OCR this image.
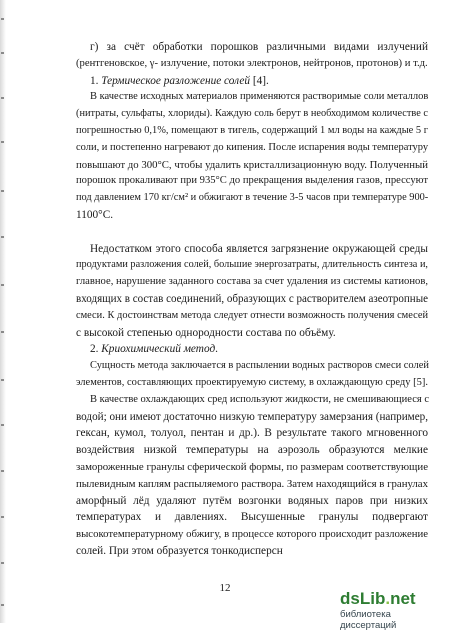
г) за счёт обработки порошков различными видами излучений
(рентгеновское, γ- излучение, потоки электронов, нейтронов, протонов) и т.д.
1. Термическое разложение солей [4].
В качестве исходных материалов применяются растворимые соли металлов
(нитраты, сульфаты, хлориды). Каждую соль берут в необходимом количестве с
погрешностью 0,1%, помещают в тигель, содержащий 1 мл воды на каждые 5 г
соли, и постепенно нагревают до кипения. После испарения воды температуру
повышают до 300°С, чтобы удалить кристаллизационную воду. Полученный
порошок прокаливают при 935°С до прекращения выделения газов, прессуют
под давлением 170 кг/см² и обжигают в течение 3-5 часов при температуре 900-
1100°С.
Недостатком этого способа является загрязнение окружающей среды
продуктами разложения солей, большие энергозатраты, длительность синтеза и,
главное, нарушение заданного состава за счет удаления из системы катионов,
входящих в состав соединений, образующих с растворителем азеотропные
смеси. К достоинствам метода следует отнести возможность получения смесей
с высокой степенью однородности состава по объёму.
2. Криохимический метод.
Сущность метода заключается в распылении водных растворов смеси солей
элементов, составляющих проектируемую систему, в охлаждающую среду [5].
В качестве охлаждающих сред используют жидкости, не смешивающиеся с
водой; они имеют достаточно низкую температуру замерзания (например,
гексан, кумол, толуол, пентан и др.). В результате такого мгновенного
воздействия низкой температуры на аэрозоль образуются мелкие
замороженные гранулы сферической формы, по размерам соответствующие
пылевидным каплям распыляемого раствора. Затем находящийся в гранулах
аморфный лёд удаляют путём возгонки водяных паров при низких
температурах и давлениях. Высушенные гранулы подвергают
высокотемпературному обжигу, в процессе которого происходит разложение
солей. При этом образуется тонкодисперсн
12
dsLib.net
библиотека диссертаций
